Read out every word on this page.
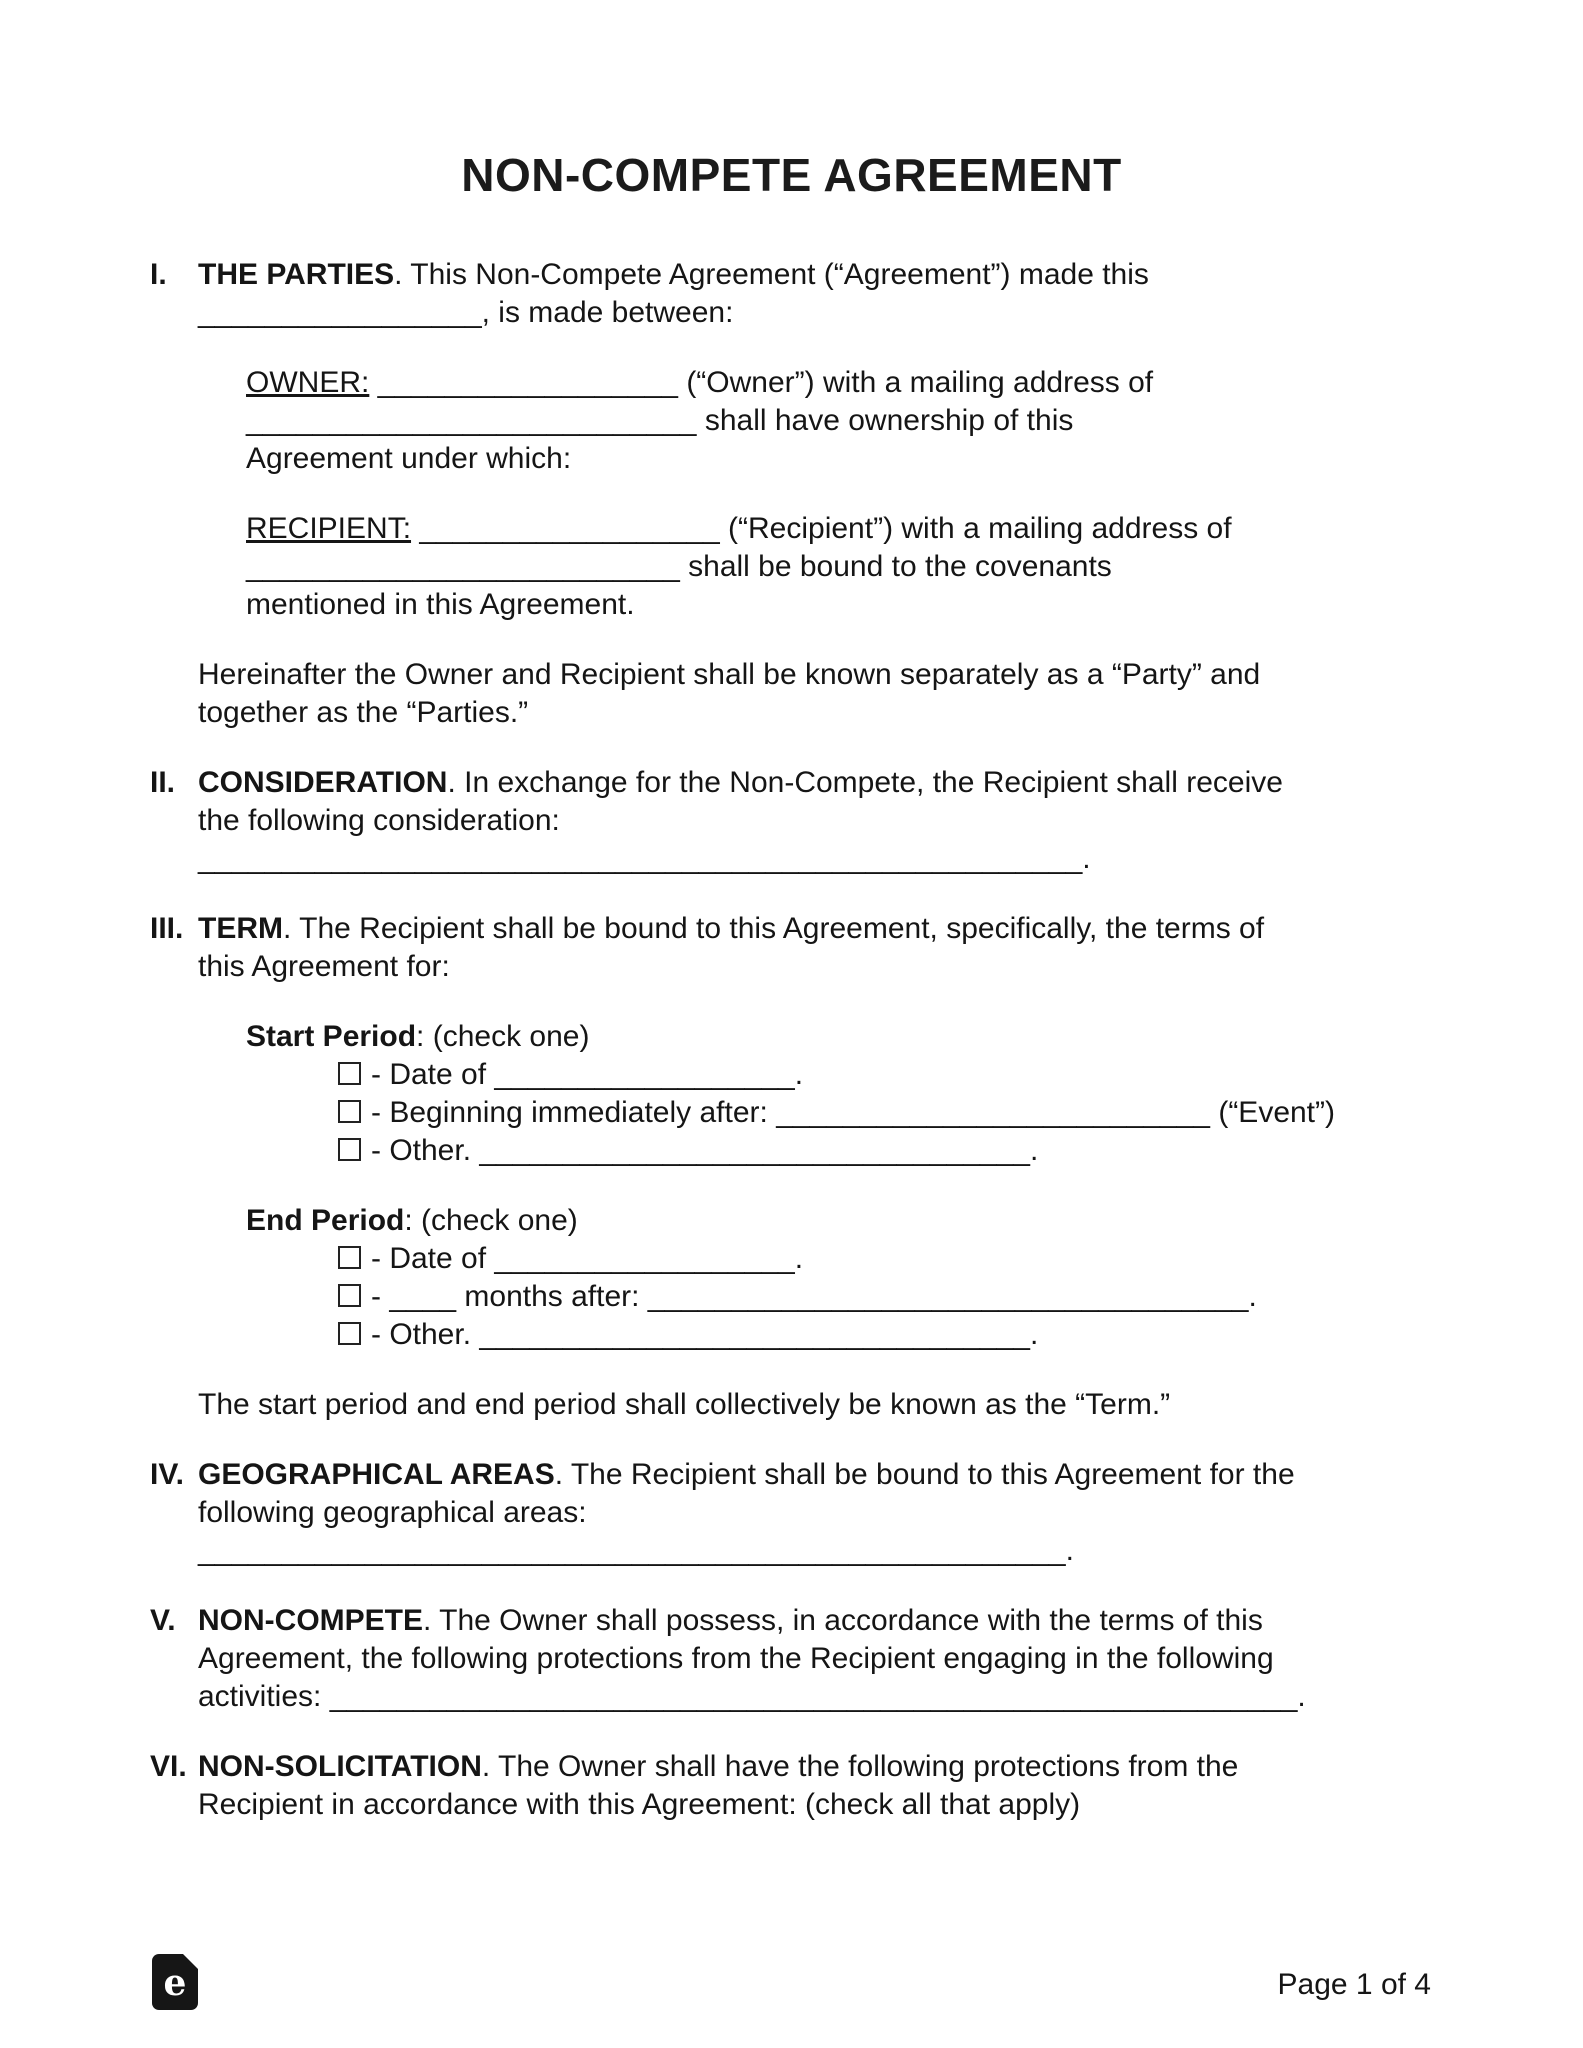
NON-COMPETE AGREEMENT
I.	THE PARTIES. This Non-Compete Agreement (“Agreement”) made this
_________________, is made between:

OWNER: __________________ (“Owner”) with a mailing address of
___________________________ shall have ownership of this
Agreement under which:

RECIPIENT: __________________ (“Recipient”) with a mailing address of
__________________________ shall be bound to the covenants
mentioned in this Agreement.

Hereinafter the Owner and Recipient shall be known separately as a “Party” and
together as the “Parties.”

II. CONSIDERATION. In exchange for the Non-Compete, the Recipient shall receive
the following consideration: _____________________________________________________.

III. TERM. The Recipient shall be bound to this Agreement, specifically, the terms of
this Agreement for:

Start Period: (check one)
- Date of __________________.
- Beginning immediately after: __________________________ (“Event”)
- Other. _________________________________.
End Period: (check one)
- Date of __________________.
- ____ months after: ____________________________________.
- Other. _________________________________.

The start period and end period shall collectively be known as the “Term.”

IV. GEOGRAPHICAL AREAS. The Recipient shall be bound to this Agreement for the
following geographical areas: ____________________________________________________.

V. NON-COMPETE. The Owner shall possess, in accordance with the terms of this
Agreement, the following protections from the Recipient engaging in the following
activities: __________________________________________________________.

VI. NON-SOLICITATION. The Owner shall have the following protections from the
Recipient in accordance with this Agreement: (check all that apply)

e	Page 1 of 4
